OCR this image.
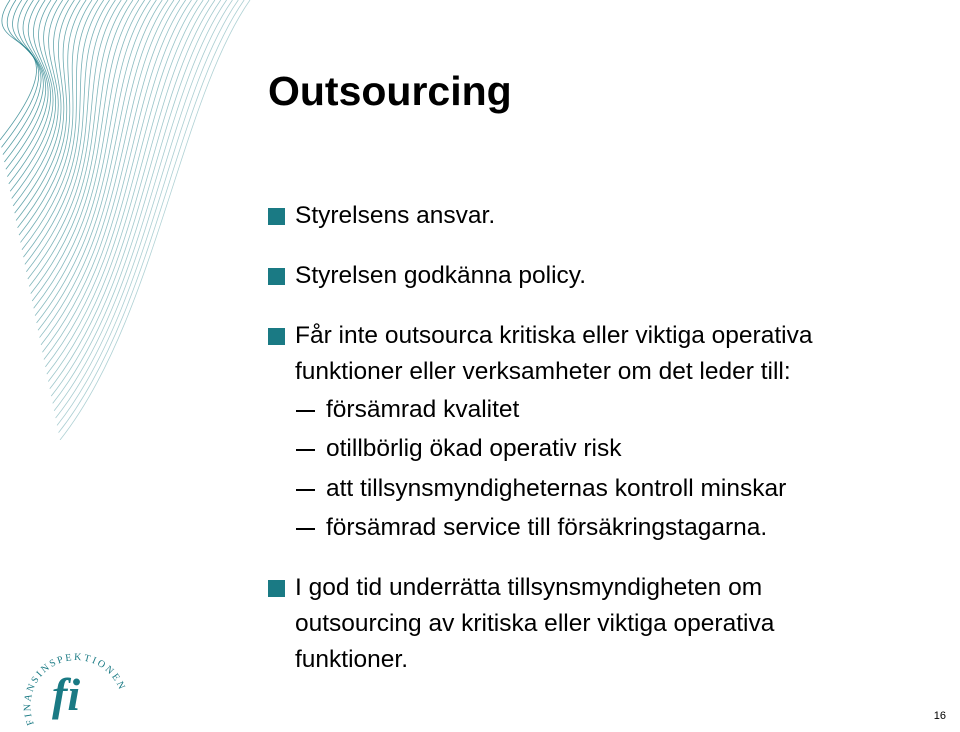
Outsourcing
Styrelsens ansvar.
Styrelsen godkänna policy.
Får inte outsourca kritiska eller viktiga operativa funktioner eller verksamheter om det leder till:
försämrad kvalitet
otillbörlig ökad operativ risk
att tillsynsmyndigheternas kontroll minskar
försämrad service till försäkringstagarna.
I god tid underrätta tillsynsmyndigheten om outsourcing av kritiska eller viktiga operativa funktioner.
FINANSINSPEKTIONEN
fi	16
